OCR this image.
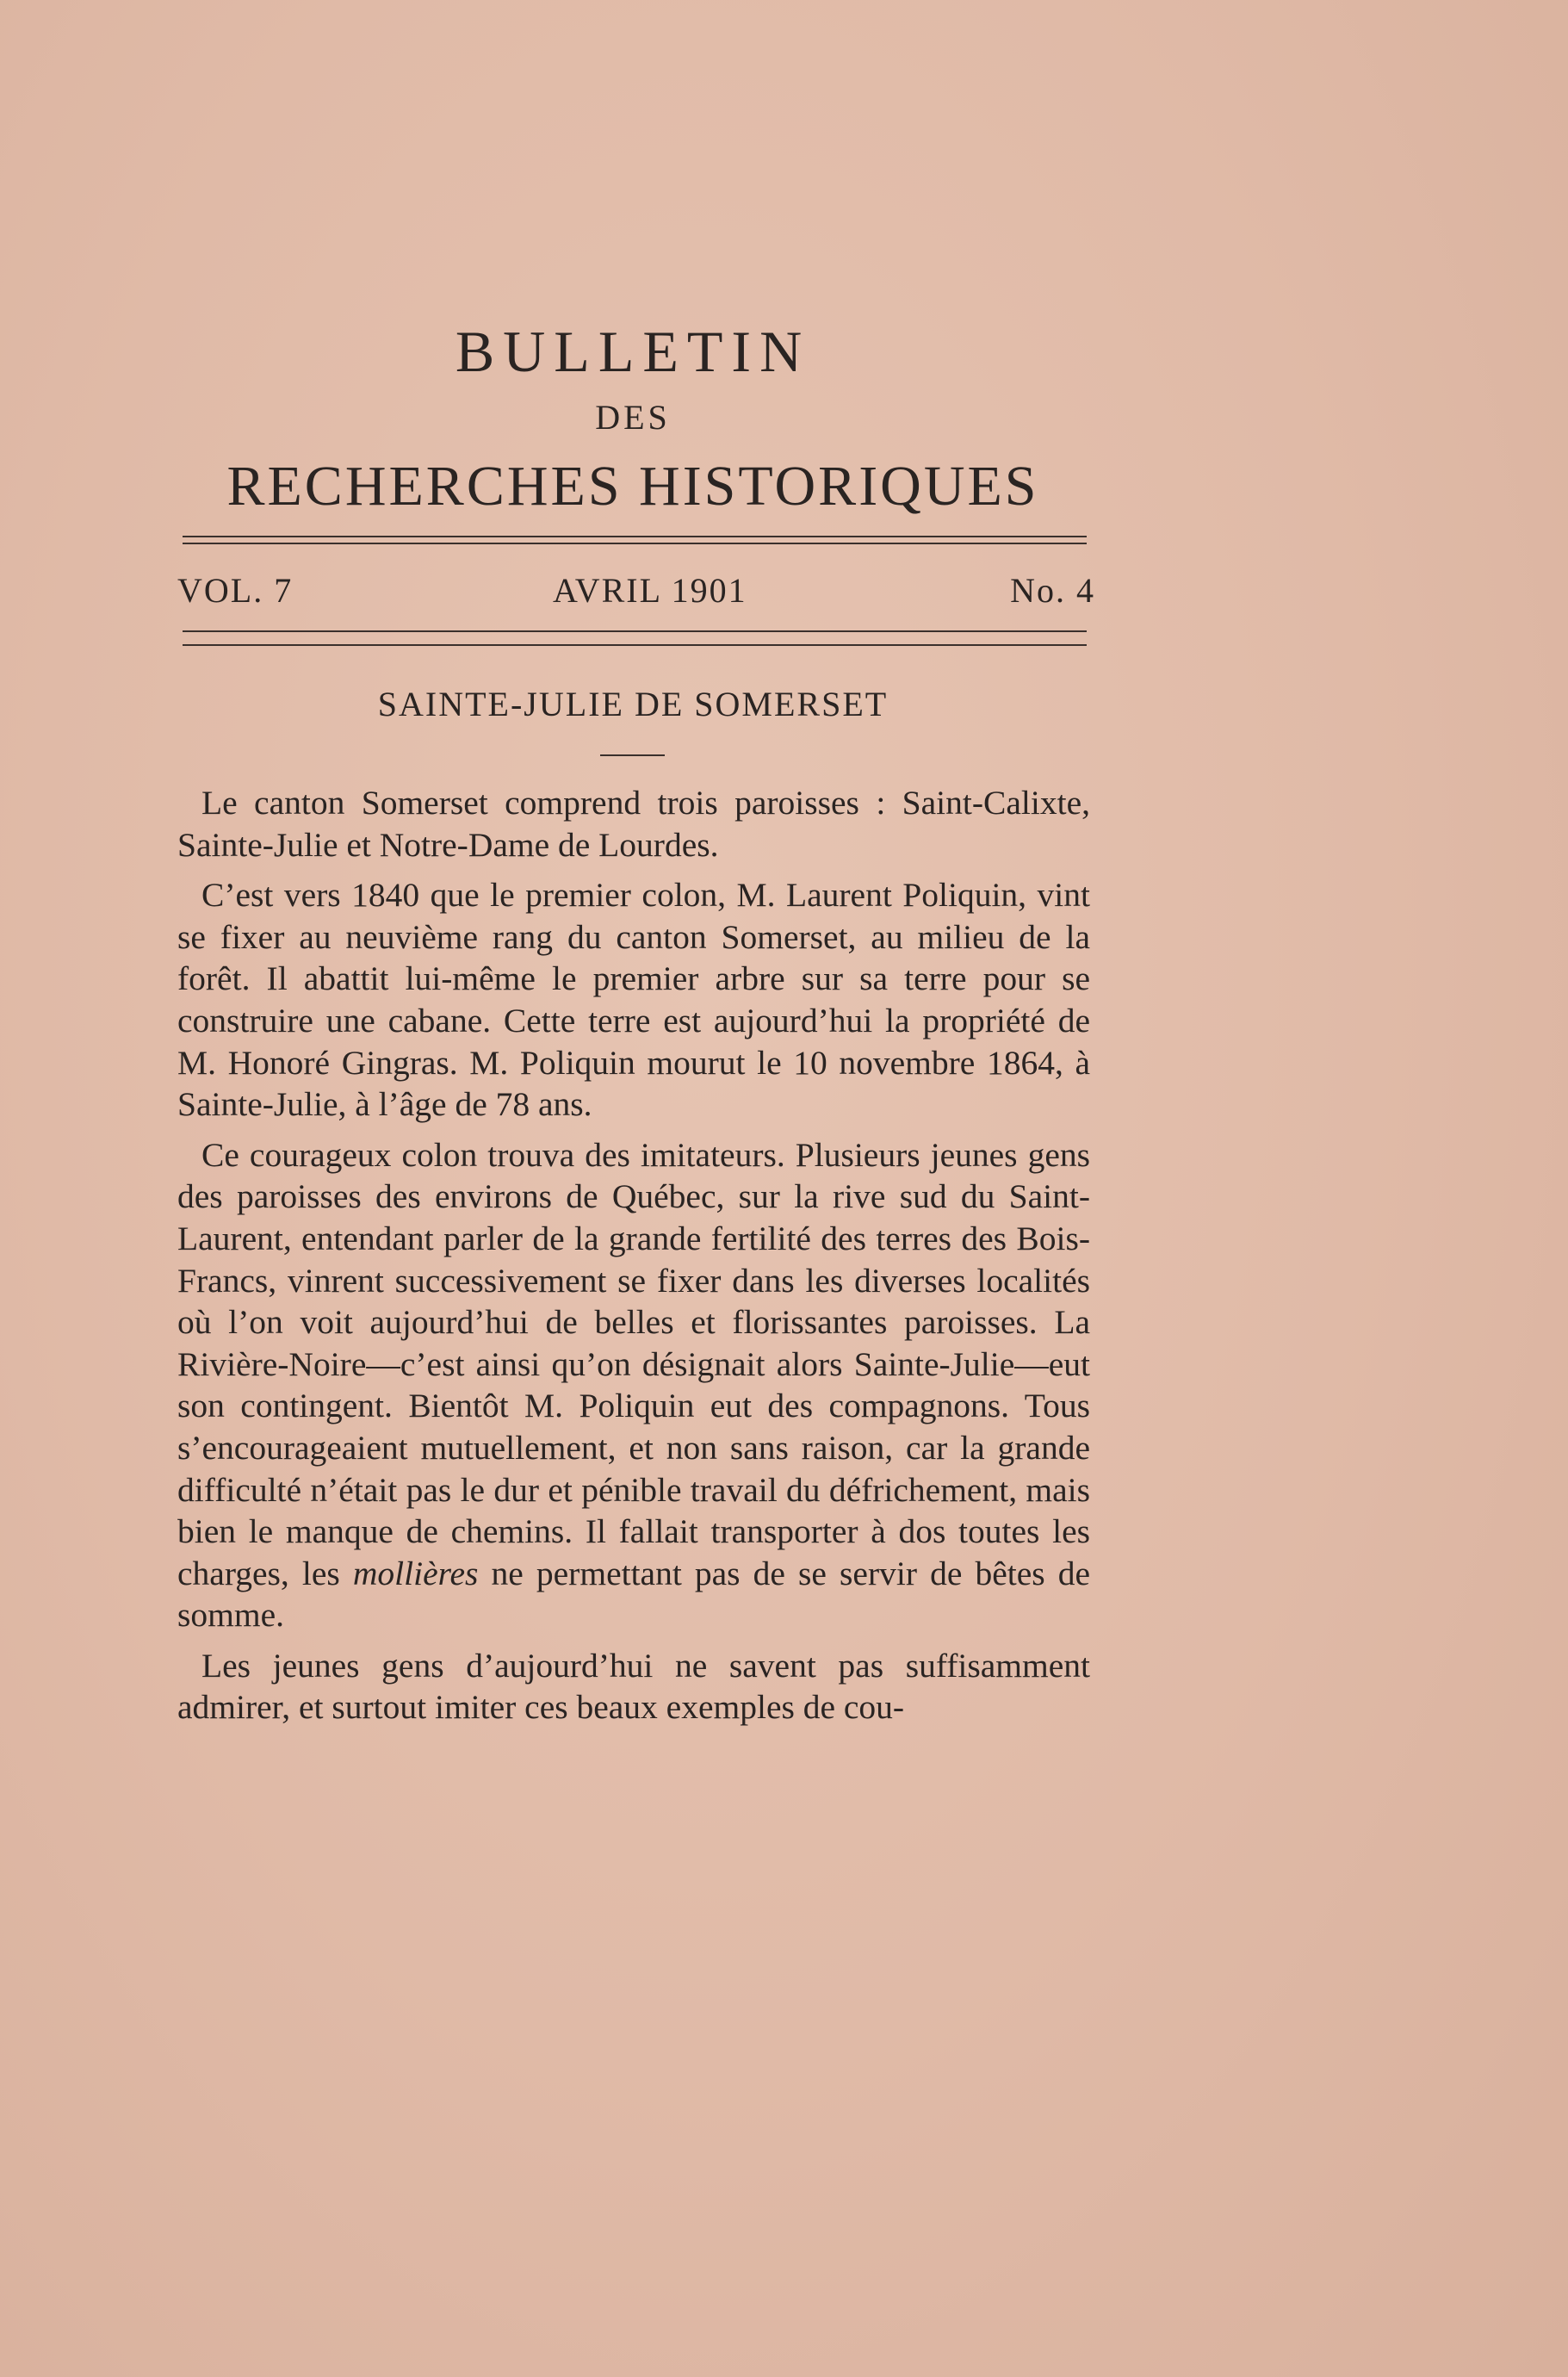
BULLETIN
DES
RECHERCHES HISTORIQUES
VOL. 7	AVRIL 1901	No. 4
SAINTE-JULIE DE SOMERSET

Le canton Somerset comprend trois paroisses : Saint-Calixte, Sainte-Julie et Notre-Dame de Lourdes.

C’est vers 1840 que le premier colon, M. Laurent Poliquin, vint se fixer au neuvième rang du canton Somerset, au milieu de la forêt. Il abattit lui-même le premier arbre sur sa terre pour se construire une cabane. Cette terre est aujourd’hui la propriété de M. Honoré Gingras. M. Poliquin mourut le 10 novembre 1864, à Sainte-Julie, à l’âge de 78 ans.

Ce courageux colon trouva des imitateurs. Plusieurs jeunes gens des paroisses des environs de Québec, sur la rive sud du Saint-Laurent, entendant parler de la grande fertilité des terres des Bois-Francs, vinrent successivement se fixer dans les diverses localités où l’on voit aujourd’hui de belles et florissantes paroisses. La Rivière-Noire—c’est ainsi qu’on désignait alors Sainte-Julie—eut son contingent. Bientôt M. Poliquin eut des compagnons. Tous s’encourageaient mutuellement, et non sans raison, car la grande difficulté n’était pas le dur et pénible travail du défrichement, mais bien le manque de chemins. Il fallait transporter à dos toutes les charges, les mollières ne permettant pas de se servir de bêtes de somme.

Les jeunes gens d’aujourd’hui ne savent pas suffisamment admirer, et surtout imiter ces beaux exemples de cou-
